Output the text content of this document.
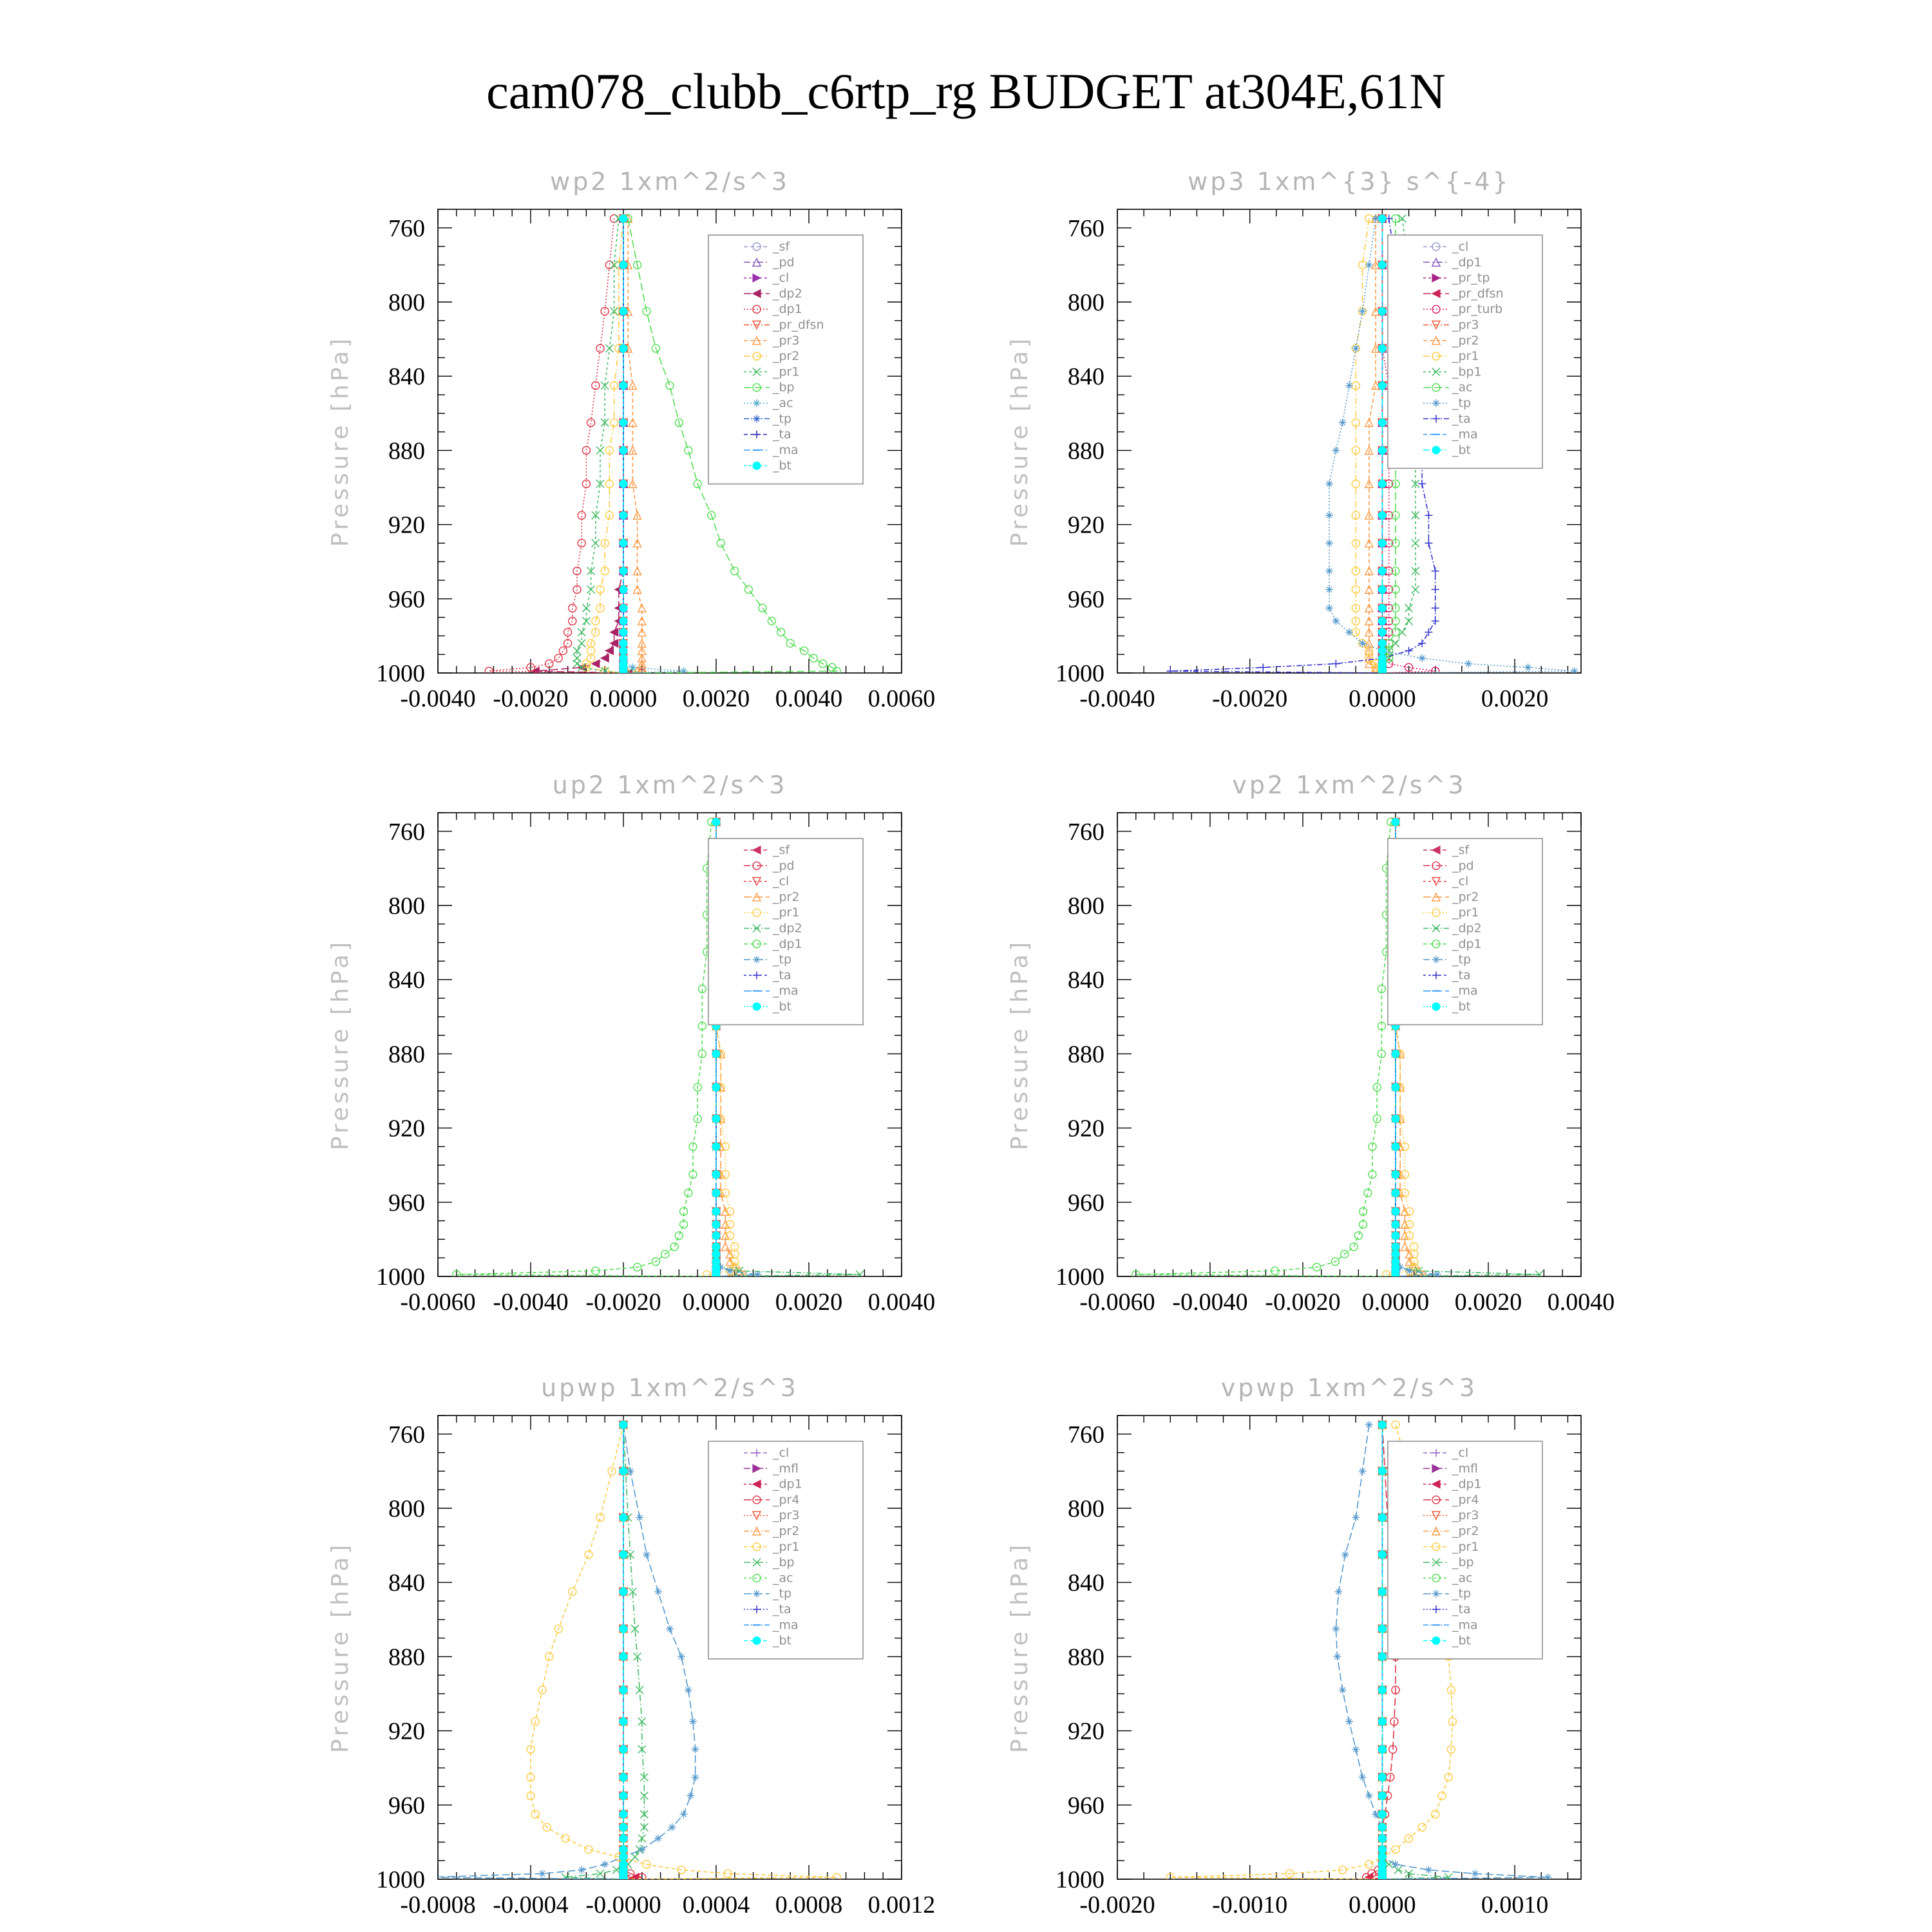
cam078_clubb_c6rtp_rg BUDGET at304E,61N
wp2 1xm^2/s^3
Pressure [hPa]
760
800
840
880
920
960
1000
-0.0040 -0.0020 0.0000 0.0020 0.0040 0.0060
_sf
_pd
_cl
_dp2
_dp1
_pr_dfsn
_pr3
_pr2
_pr1
_bp
_ac
_tp
_ta
_ma
_bt
wp3 1xm^{3} s^{-4}
Pressure [hPa]
760
800
840
880
920
960
1000
-0.0040 -0.0020 0.0000	0.0020
_cl
_dp1
_pr_tp
_pr_dfsn
_pr_turb
_pr3
_pr2
_pr1
_bp1
_ac
_tp
_ta
_ma
_bt
up2 1xm^2/s^3
Pressure [hPa]
760
800
840
880
920
960
1000
-0.0060 -0.0040 -0.0020 0.0000 0.0020 0.0040
_sf
_pd
_cl
_pr2
_pr1
_dp2
_dp1
_tp
_ta
_ma
_bt
vp2 1xm^2/s^3
Pressure [hPa]
760
800
840
880
920
960
1000
-0.0060 -0.0040 -0.0020 0.0000 0.0020 0.0040
_sf
_pd
_cl
_pr2
_pr1
_dp2
_dp1
_tp
_ta
_ma
_bt
upwp 1xm^2/s^3
Pressure [hPa]
760
800
840
880
920
960
1000
-0.0008 -0.0004 -0.0000 0.0004 0.0008 0.0012
_cl
_mfl
_dp1
_pr4
_pr3
_pr2
_pr1
_bp
_ac
_tp
_ta
_ma
_bt
vpwp 1xm^2/s^3
Pressure [hPa]
760
800
840
880
920
960
1000
-0.0020 -0.0010 0.0000	0.0010
_cl
_mfl
_dp1
_pr4
_pr3
_pr2
_pr1
_bp
_ac
_tp
_ta
_ma
_bt
